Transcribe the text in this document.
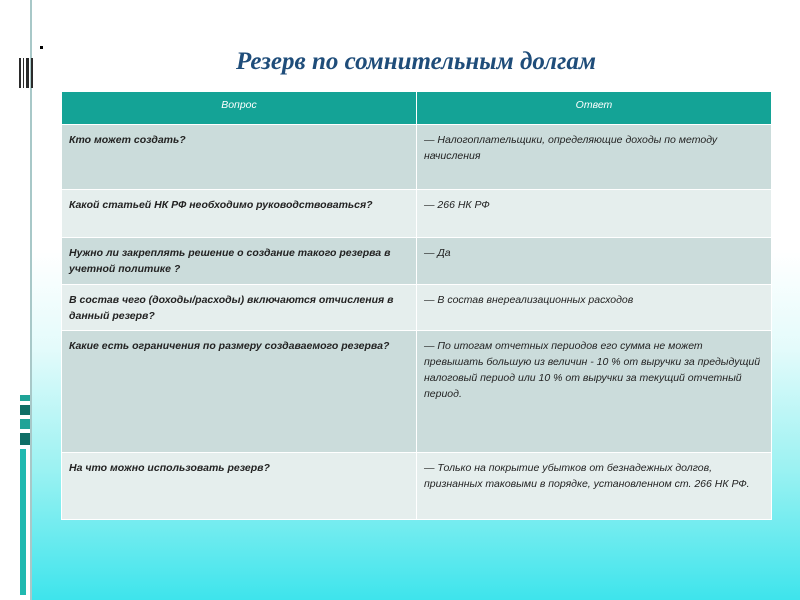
Резерв по сомнительным долгам
Вопрос	Ответ
Кто может создать?	— Налогоплательщики, определяющие доходы по методу начисления
Какой статьей НК РФ необходимо руководствоваться?	— 266 НК РФ
Нужно ли закреплять решение о создание такого резерва в учетной политике ?	— Да
В состав чего (доходы/расходы) включаются отчисления в данный резерв?	— В состав внереализационных расходов
Какие есть ограничения по размеру создаваемого резерва?	— По итогам отчетных периодов его сумма не может превышать большую из величин - 10 % от выручки за предыдущий налоговый период или 10 % от выручки за текущий отчетный период.
На что можно использовать резерв?	— Только на покрытие убытков от безнадежных долгов, признанных таковыми в порядке, установленном ст. 266 НК РФ.
